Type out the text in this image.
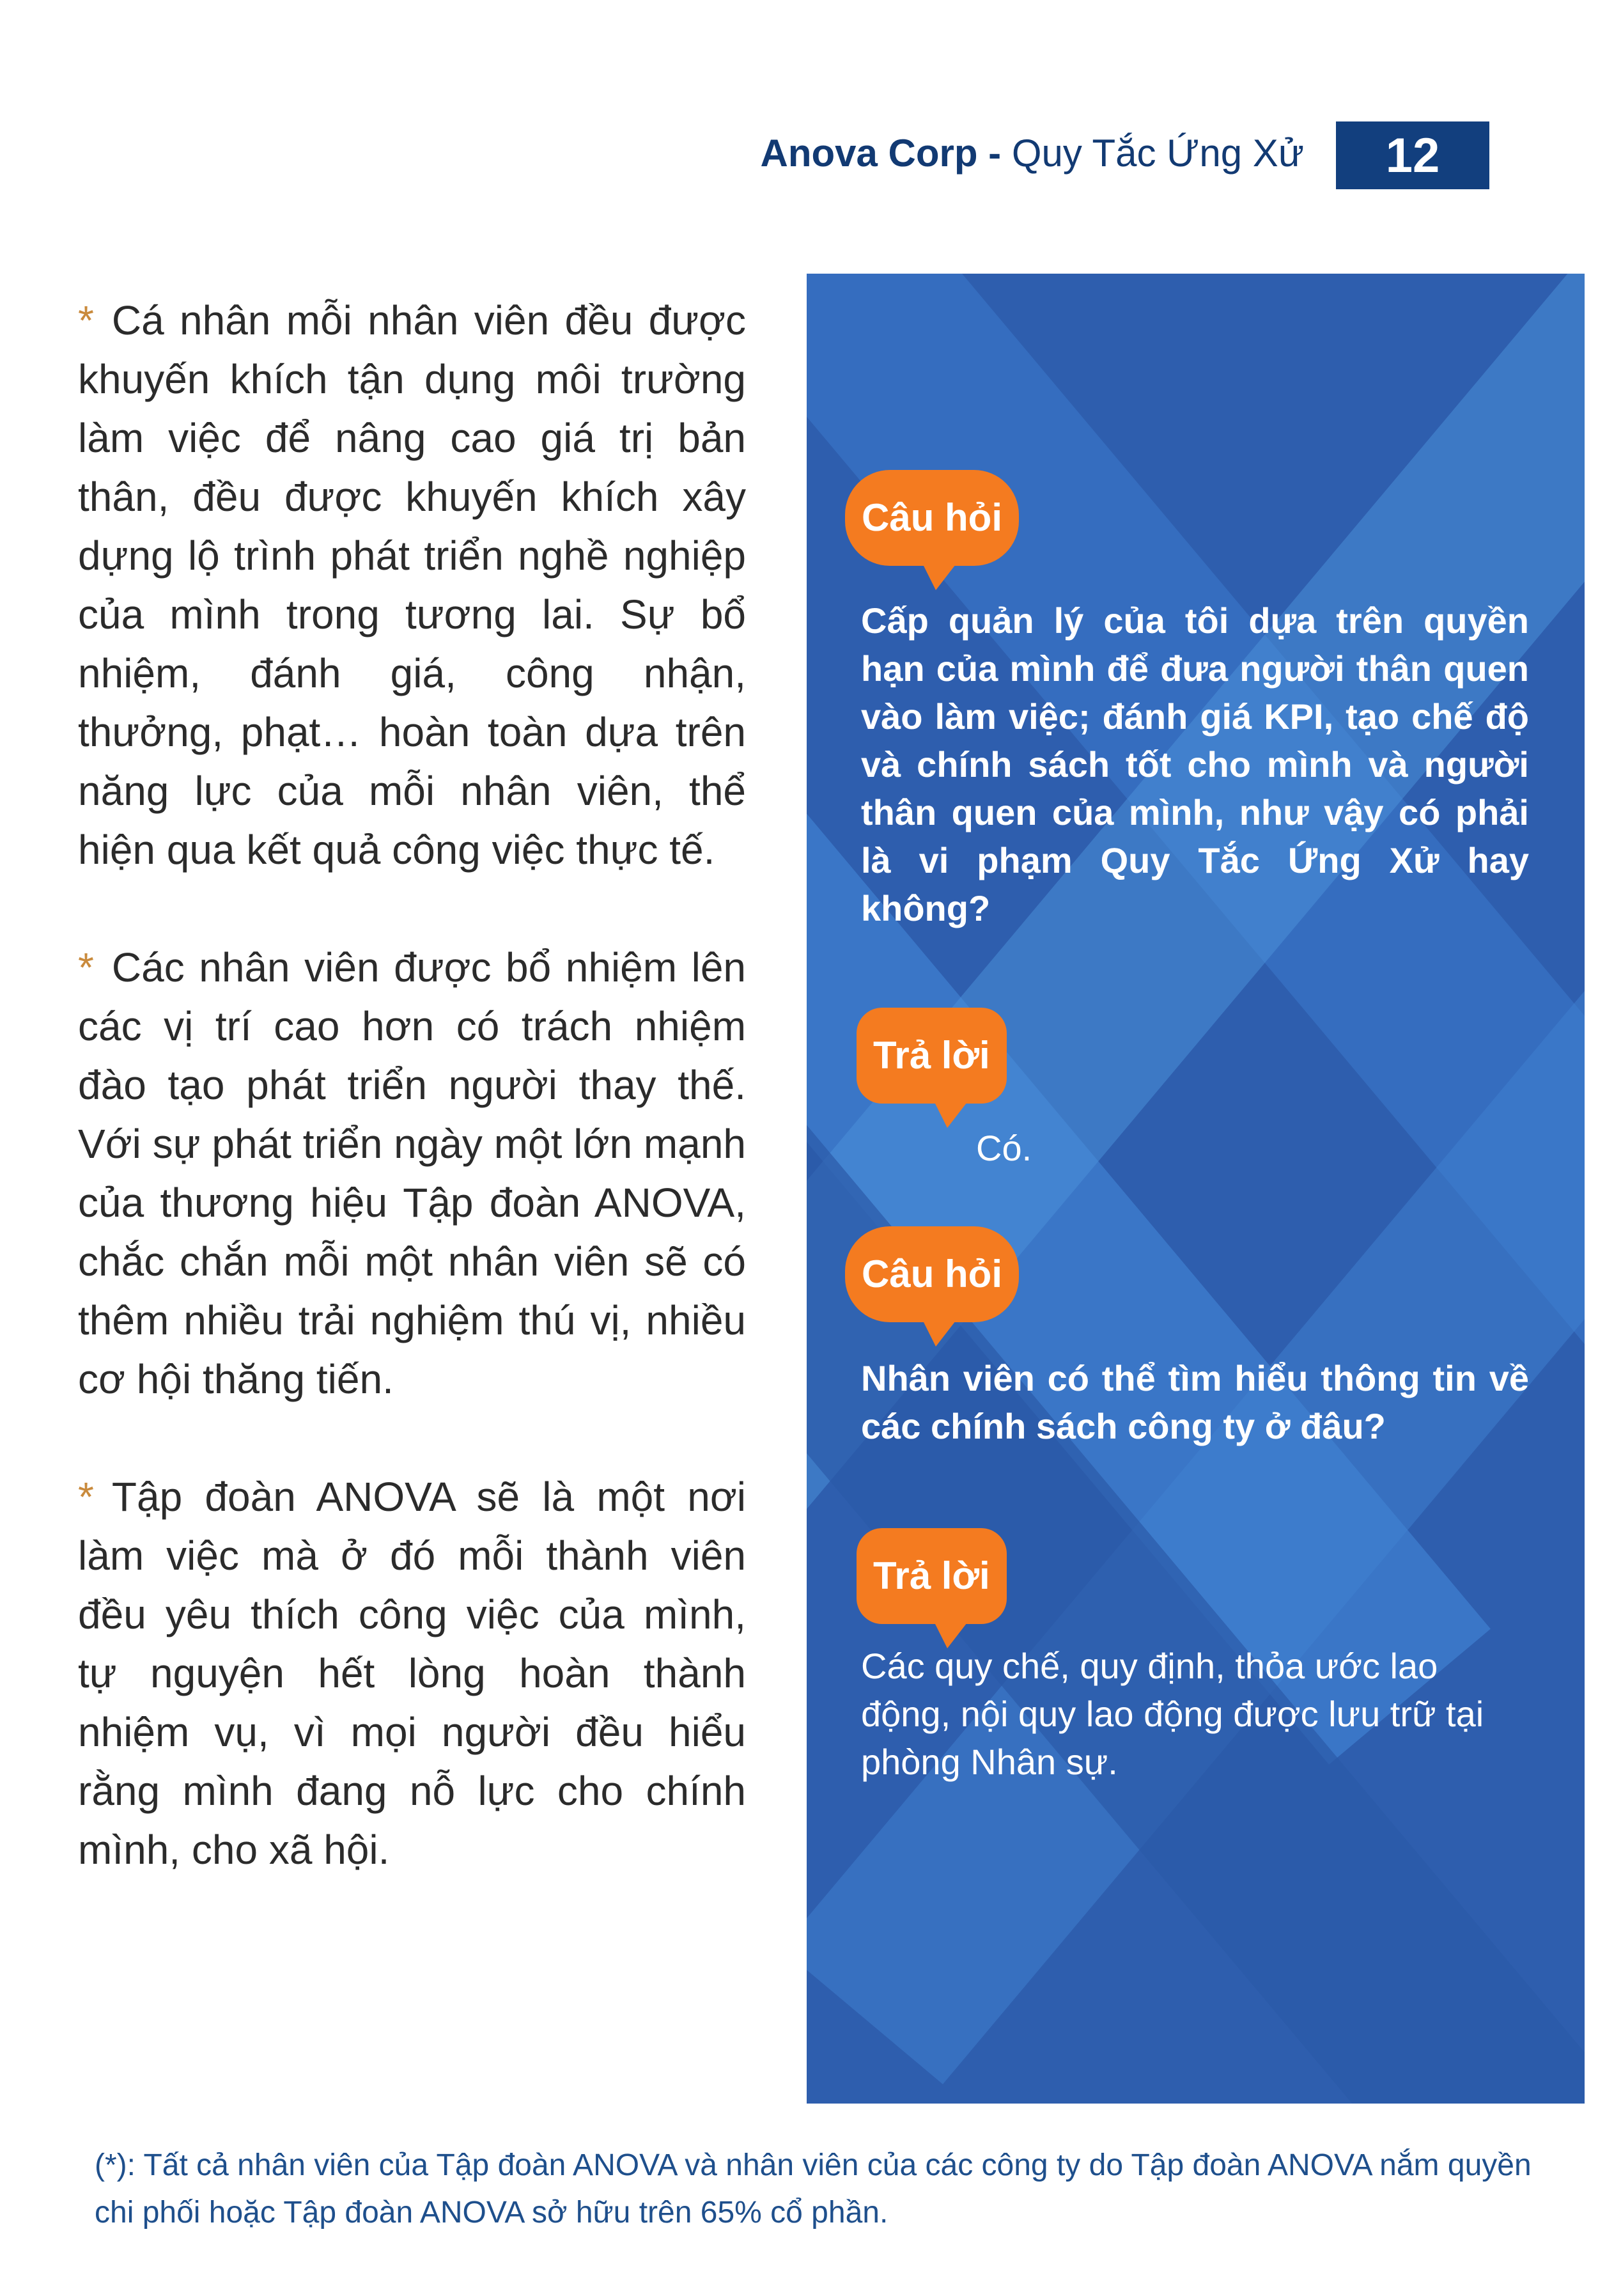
Anova Corp - Quy Tắc Ứng Xử	12

* Cá nhân mỗi nhân viên đều được khuyến khích tận dụng môi trường làm việc để nâng cao giá trị bản thân, đều được khuyến khích xây dựng lộ trình phát triển nghề nghiệp của mình trong tương lai. Sự bổ nhiệm, đánh giá, công nhận, thưởng, phạt… hoàn toàn dựa trên năng lực của mỗi nhân viên, thể hiện qua kết quả công việc thực tế.

* Các nhân viên được bổ nhiệm lên các vị trí cao hơn có trách nhiệm đào tạo phát triển người thay thế. Với sự phát triển ngày một lớn mạnh của thương hiệu Tập đoàn ANOVA, chắc chắn mỗi một nhân viên sẽ có thêm nhiều trải nghiệm thú vị, nhiều cơ hội thăng tiến.

* Tập đoàn ANOVA sẽ là một nơi làm việc mà ở đó mỗi thành viên đều yêu thích công việc của mình, tự nguyện hết lòng hoàn thành nhiệm vụ, vì mọi người đều hiểu rằng mình đang nỗ lực cho chính mình, cho xã hội.

Câu hỏi
Cấp quản lý của tôi dựa trên quyền hạn của mình để đưa người thân quen vào làm việc; đánh giá KPI, tạo chế độ và chính sách tốt cho mình và người thân quen của mình, như vậy có phải là vi phạm Quy Tắc Ứng Xử hay không?
Trả lời
Có.
Câu hỏi
Nhân viên có thể tìm hiểu thông tin về các chính sách công ty ở đâu?
Trả lời
Các quy chế, quy định, thỏa ước lao động, nội quy lao động được lưu trữ tại phòng Nhân sự.
(*): Tất cả nhân viên của Tập đoàn ANOVA và nhân viên của các công ty do Tập đoàn ANOVA nắm quyền chi phối hoặc Tập đoàn ANOVA sở hữu trên 65% cổ phần.
